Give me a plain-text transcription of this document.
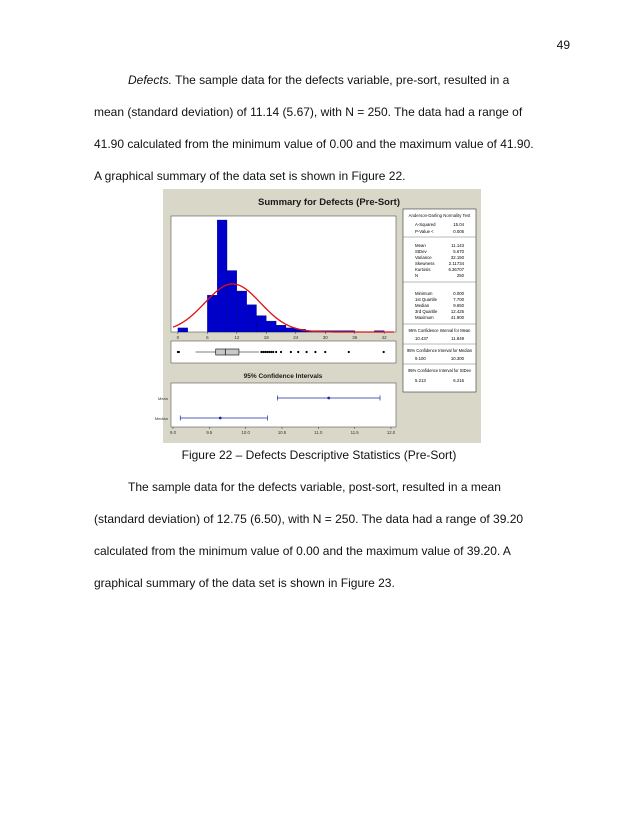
49

Defects. The sample data for the defects variable, pre-sort, resulted in a
mean (standard deviation) of 11.14 (5.67), with N = 250. The data had a range of
41.90 calculated from the minimum value of 0.00 and the maximum value of 41.90.
A graphical summary of the data set is shown in Figure 22.

Summary for Defects (Pre-Sort)
0	6	12	18	24	30	36	42
95% Confidence Intervals
Mean
Median
9.0	9.5	10.0	10.5	11.0	11.5	12.0
Anderson-Darling Normality Test
A-Squared	15.04
P-Value <	0.005
Mean	11.143
StDev	5.670
Variance	32.150
Skewness	2.11734
Kurtosis	6.36707
N	250
Minimum	0.000
1st Quartile	7.700
Median	9.650
3rd Quartile	12.425
Maximum	41.900
95% Confidence Interval for Mean
10.437	11.849
95% Confidence Interval for Median
9.100	10.300
95% Confidence Interval for StDev
5.213	6.216
Figure 22 – Defects Descriptive Statistics (Pre-Sort)

The sample data for the defects variable, post-sort, resulted in a mean
(standard deviation) of 12.75 (6.50), with N = 250. The data had a range of 39.20
calculated from the minimum value of 0.00 and the maximum value of 39.20. A
graphical summary of the data set is shown in Figure 23.
